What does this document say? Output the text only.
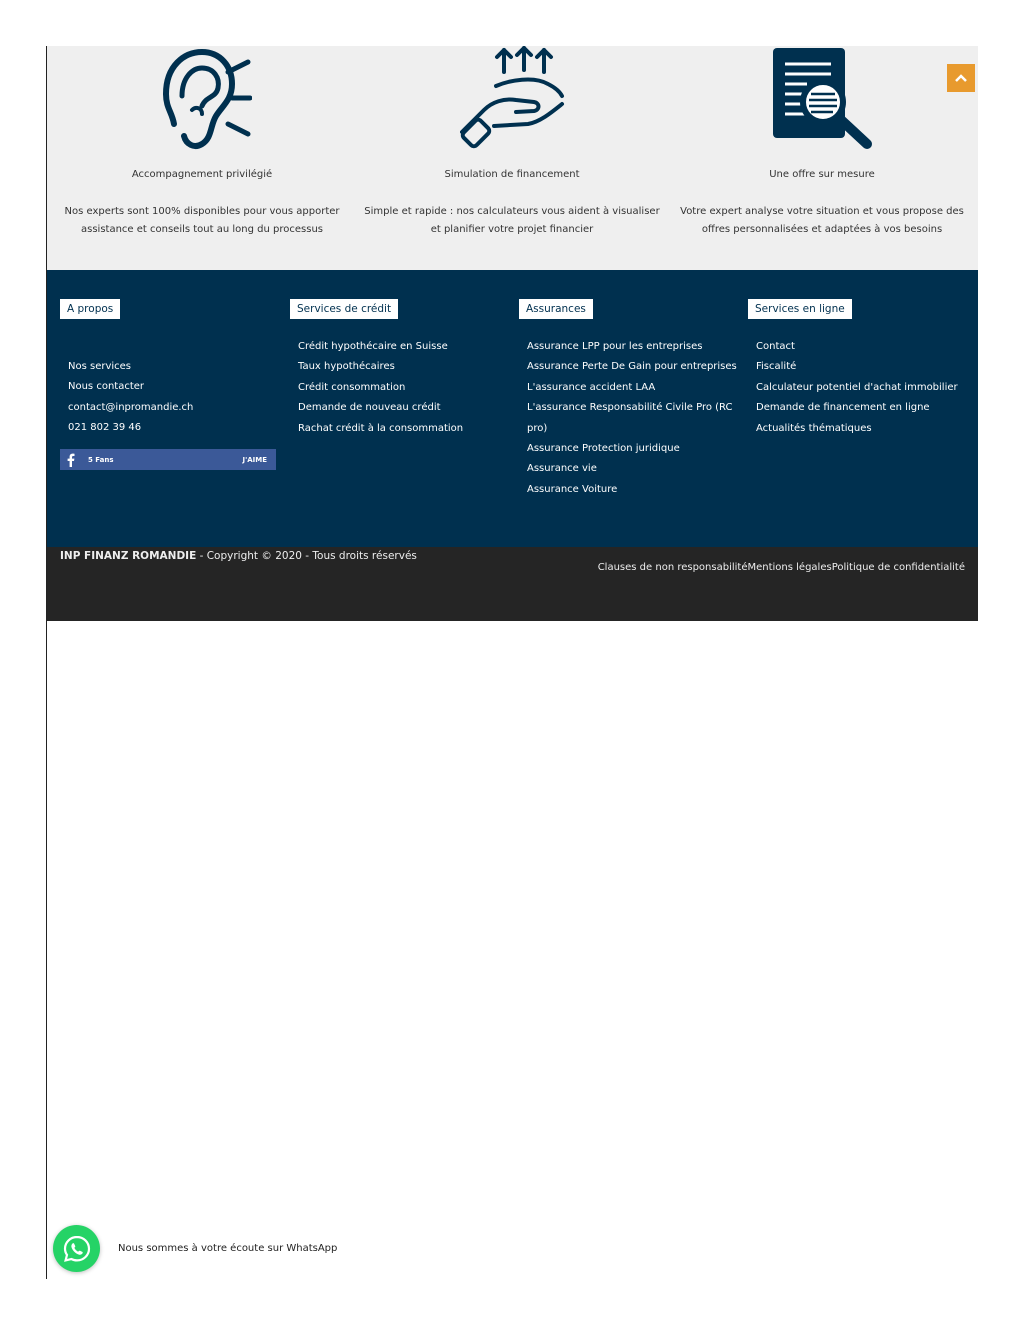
Accompagnement privilégié
Nos experts sont 100% disponibles pour vous apporter
assistance et conseils tout au long du processus
Simulation de financement
Simple et rapide : nos calculateurs vous aident à visualiser
et planifier votre projet financier
Une offre sur mesure
Votre expert analyse votre situation et vous propose des
offres personnalisées et adaptées à vos besoins
A propos
Nos services
Nous contacter
contact@inpromandie.ch
021 802 39 46
5 Fans	J'AIME
Services de crédit
Crédit hypothécaire en Suisse
Taux hypothécaires
Crédit consommation
Demande de nouveau crédit
Rachat crédit à la consommation
Assurances
Assurance LPP pour les entreprises
Assurance Perte De Gain pour entreprises
L'assurance accident LAA
L'assurance Responsabilité Civile Pro (RC
pro)
Assurance Protection juridique
Assurance vie
Assurance Voiture
Services en ligne
Contact
Fiscalité
Calculateur potentiel d'achat immobilier
Demande de financement en ligne
Actualités thématiques
INP FINANZ ROMANDIE - Copyright © 2020 - Tous droits réservés
Clauses de non responsabilitéMentions légalesPolitique de confidentialité
Nous sommes à votre écoute sur WhatsApp
